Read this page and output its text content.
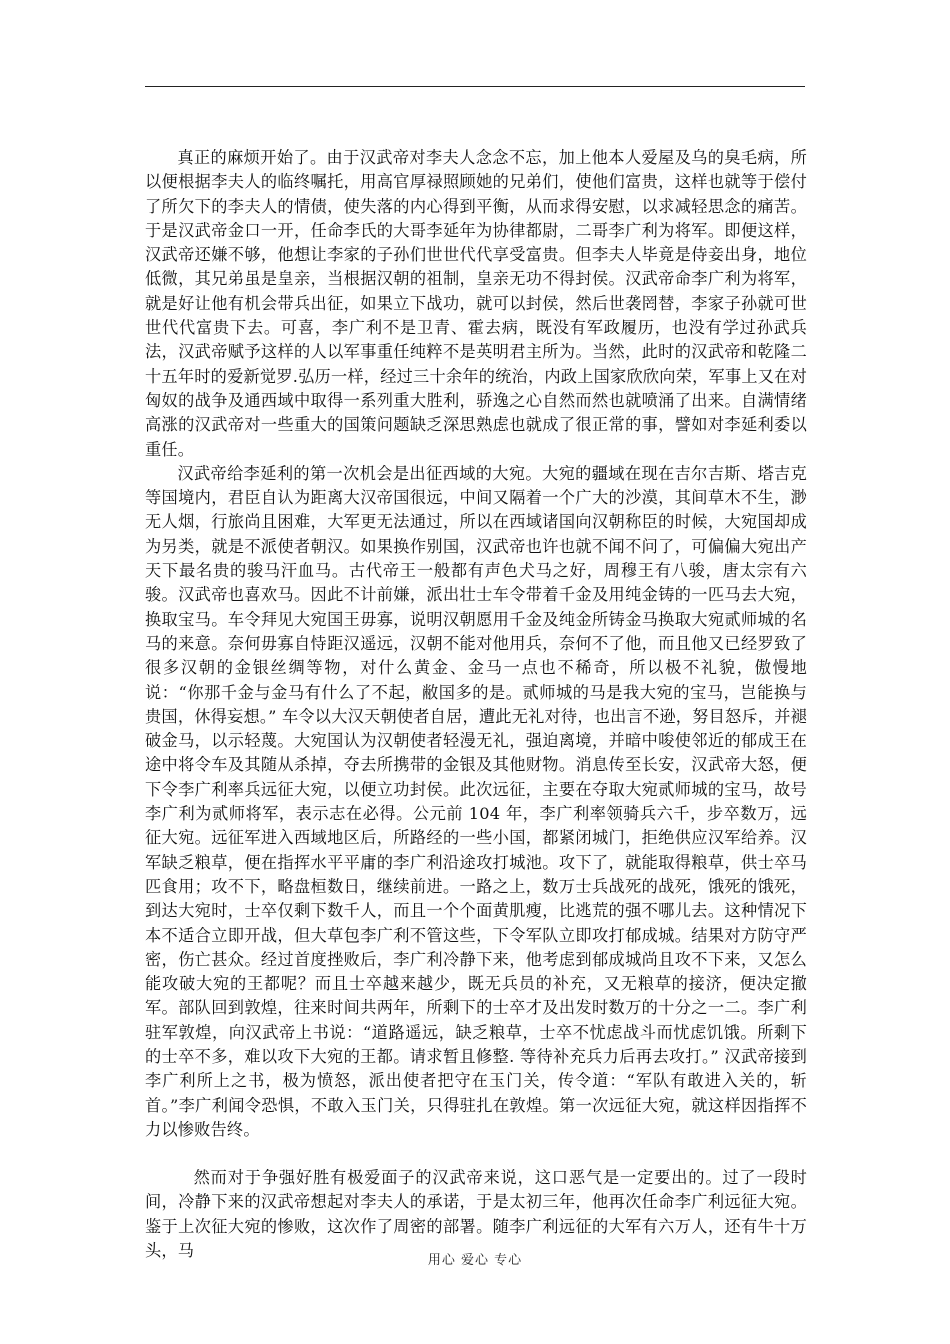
真正的麻烦开始了。由于汉武帝对李夫人念念不忘，加上他本人爱屋及乌的臭毛病，所以便根据李夫人的临终嘱托，用高官厚禄照顾她的兄弟们，使他们富贵，这样也就等于偿付了所欠下的李夫人的情债，使失落的内心得到平衡，从而求得安慰，以求减轻思念的痛苦。于是汉武帝金口一开，任命李氏的大哥李延年为协律都尉，二哥李广利为将军。即便这样，汉武帝还嫌不够，他想让李家的子孙们世世代代享受富贵。但李夫人毕竟是侍妾出身，地位低微，其兄弟虽是皇亲，当根据汉朝的祖制，皇亲无功不得封侯。汉武帝命李广利为将军，就是好让他有机会带兵出征，如果立下战功，就可以封侯，然后世袭罔替，李家子孙就可世世代代富贵下去。可喜，李广利不是卫青、霍去病，既没有军政履历，也没有学过孙武兵法，汉武帝赋予这样的人以军事重任纯粹不是英明君主所为。当然，此时的汉武帝和乾隆二十五年时的爱新觉罗.弘历一样，经过三十余年的统治，内政上国家欣欣向荣，军事上又在对匈奴的战争及通西域中取得一系列重大胜利，骄逸之心自然而然也就喷涌了出来。自满情绪高涨的汉武帝对一些重大的国策问题缺乏深思熟虑也就成了很正常的事，譬如对李延利委以重任。

汉武帝给李延利的第一次机会是出征西域的大宛。大宛的疆域在现在吉尔吉斯、塔吉克等国境内，君臣自认为距离大汉帝国很远，中间又隔着一个广大的沙漠，其间草木不生，渺无人烟，行旅尚且困难，大军更无法通过，所以在西域诸国向汉朝称臣的时候，大宛国却成为另类，就是不派使者朝汉。如果换作别国，汉武帝也许也就不闻不问了，可偏偏大宛出产天下最名贵的骏马汗血马。古代帝王一般都有声色犬马之好，周穆王有八骏，唐太宗有六骏。汉武帝也喜欢马。因此不计前嫌，派出壮士车令带着千金及用纯金铸的一匹马去大宛，换取宝马。车令拜见大宛国王毋寡，说明汉朝愿用千金及纯金所铸金马换取大宛贰师城的名马的来意。奈何毋寡自恃距汉遥远，汉朝不能对他用兵，奈何不了他，而且他又已经罗致了很多汉朝的金银丝绸等物，对什么黄金、金马一点也不稀奇，所以极不礼貌，傲慢地说：“你那千金与金马有什么了不起，敝国多的是。贰师城的马是我大宛的宝马，岂能换与贵国，休得妄想。” 车令以大汉天朝使者自居，遭此无礼对待，也出言不逊，努目怒斥，并褪破金马，以示轻蔑。大宛国认为汉朝使者轻漫无礼，强迫离境，并暗中唆使邻近的郁成王在途中将令车及其随从杀掉，夺去所携带的金银及其他财物。消息传至长安，汉武帝大怒，便下令李广利率兵远征大宛，以便立功封侯。此次远征，主要在夺取大宛贰师城的宝马，故号李广利为贰师将军，表示志在必得。公元前 104 年，李广利率领骑兵六千，步卒数万，远征大宛。远征军进入西域地区后，所路经的一些小国，都紧闭城门，拒绝供应汉军给养。汉军缺乏粮草，便在指挥水平平庸的李广利沿途攻打城池。攻下了，就能取得粮草，供士卒马匹食用；攻不下，略盘桓数日，继续前进。一路之上，数万士兵战死的战死，饿死的饿死，到达大宛时，士卒仅剩下数千人，而且一个个面黄肌瘦，比逃荒的强不哪儿去。这种情况下本不适合立即开战，但大草包李广利不管这些，下令军队立即攻打郁成城。结果对方防守严密，伤亡甚众。经过首度挫败后，李广利冷静下来，他考虑到郁成城尚且攻不下来，又怎么能攻破大宛的王都呢？而且士卒越来越少，既无兵员的补充，又无粮草的接济，便决定撤军。部队回到敦煌，往来时间共两年，所剩下的士卒才及出发时数万的十分之一二。李广利驻军敦煌，向汉武帝上书说：“道路遥远，缺乏粮草，士卒不忧虑战斗而忧虑饥饿。所剩下的士卒不多，难以攻下大宛的王都。请求暂且修整. 等待补充兵力后再去攻打。” 汉武帝接到李广利所上之书，极为愤怒，派出使者把守在玉门关，传令道：“军队有敢进入关的，斩首。”李广利闻令恐惧，不敢入玉门关，只得驻扎在敦煌。第一次远征大宛，就这样因指挥不力以惨败告终。

然而对于争强好胜有极爱面子的汉武帝来说，这口恶气是一定要出的。过了一段时间，冷静下来的汉武帝想起对李夫人的承诺，于是太初三年，他再次任命李广利远征大宛。鉴于上次征大宛的惨败，这次作了周密的部署。随李广利远征的大军有六万人，还有牛十万头，马

用心 爱心 专心
